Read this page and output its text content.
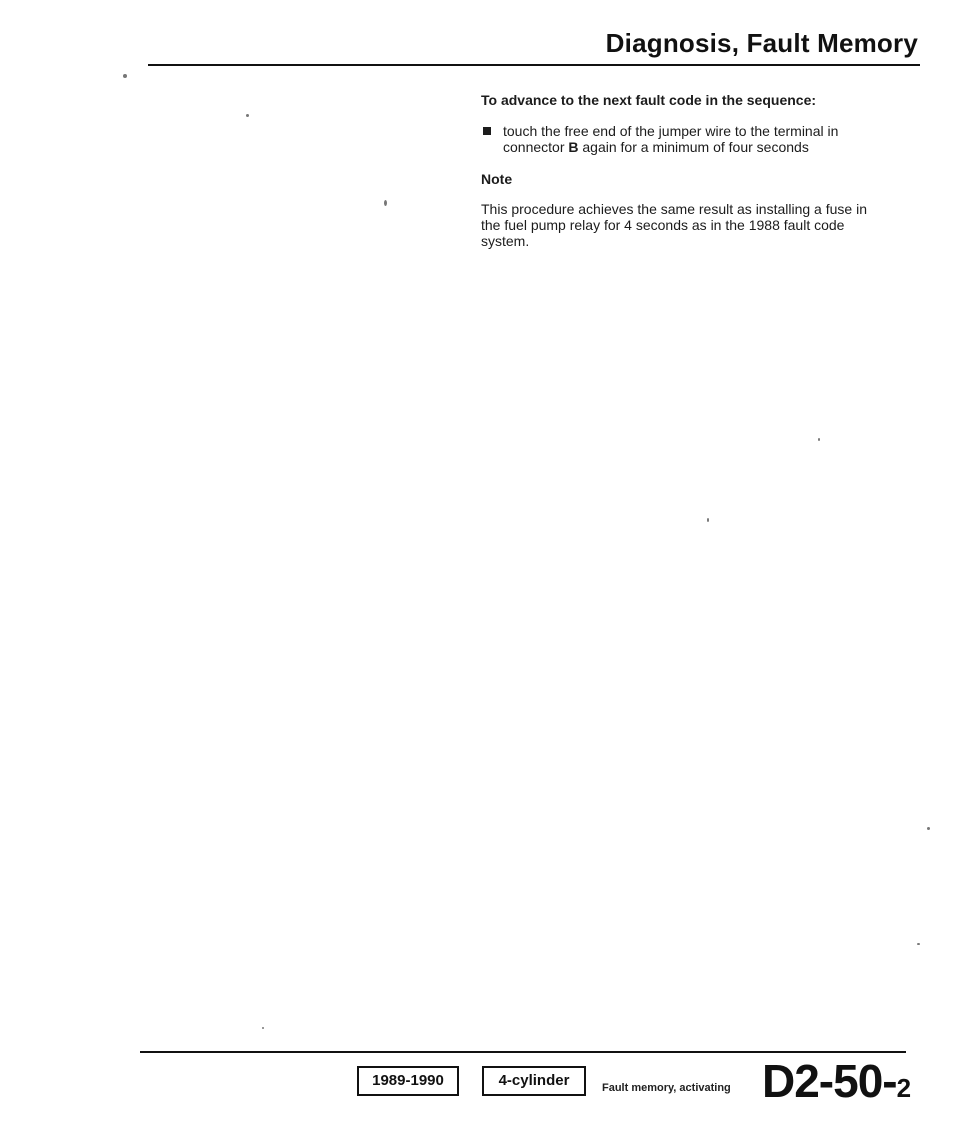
Diagnosis, Fault Memory
To advance to the next fault code in the sequence:
touch the free end of the jumper wire to the terminal in connector B again for a minimum of four seconds
Note

This procedure achieves the same result as installing a fuse in the fuel pump relay for 4 seconds as in the 1988 fault code system.

1989-1990	4-cylinder	Fault memory, activating D2-50-2
